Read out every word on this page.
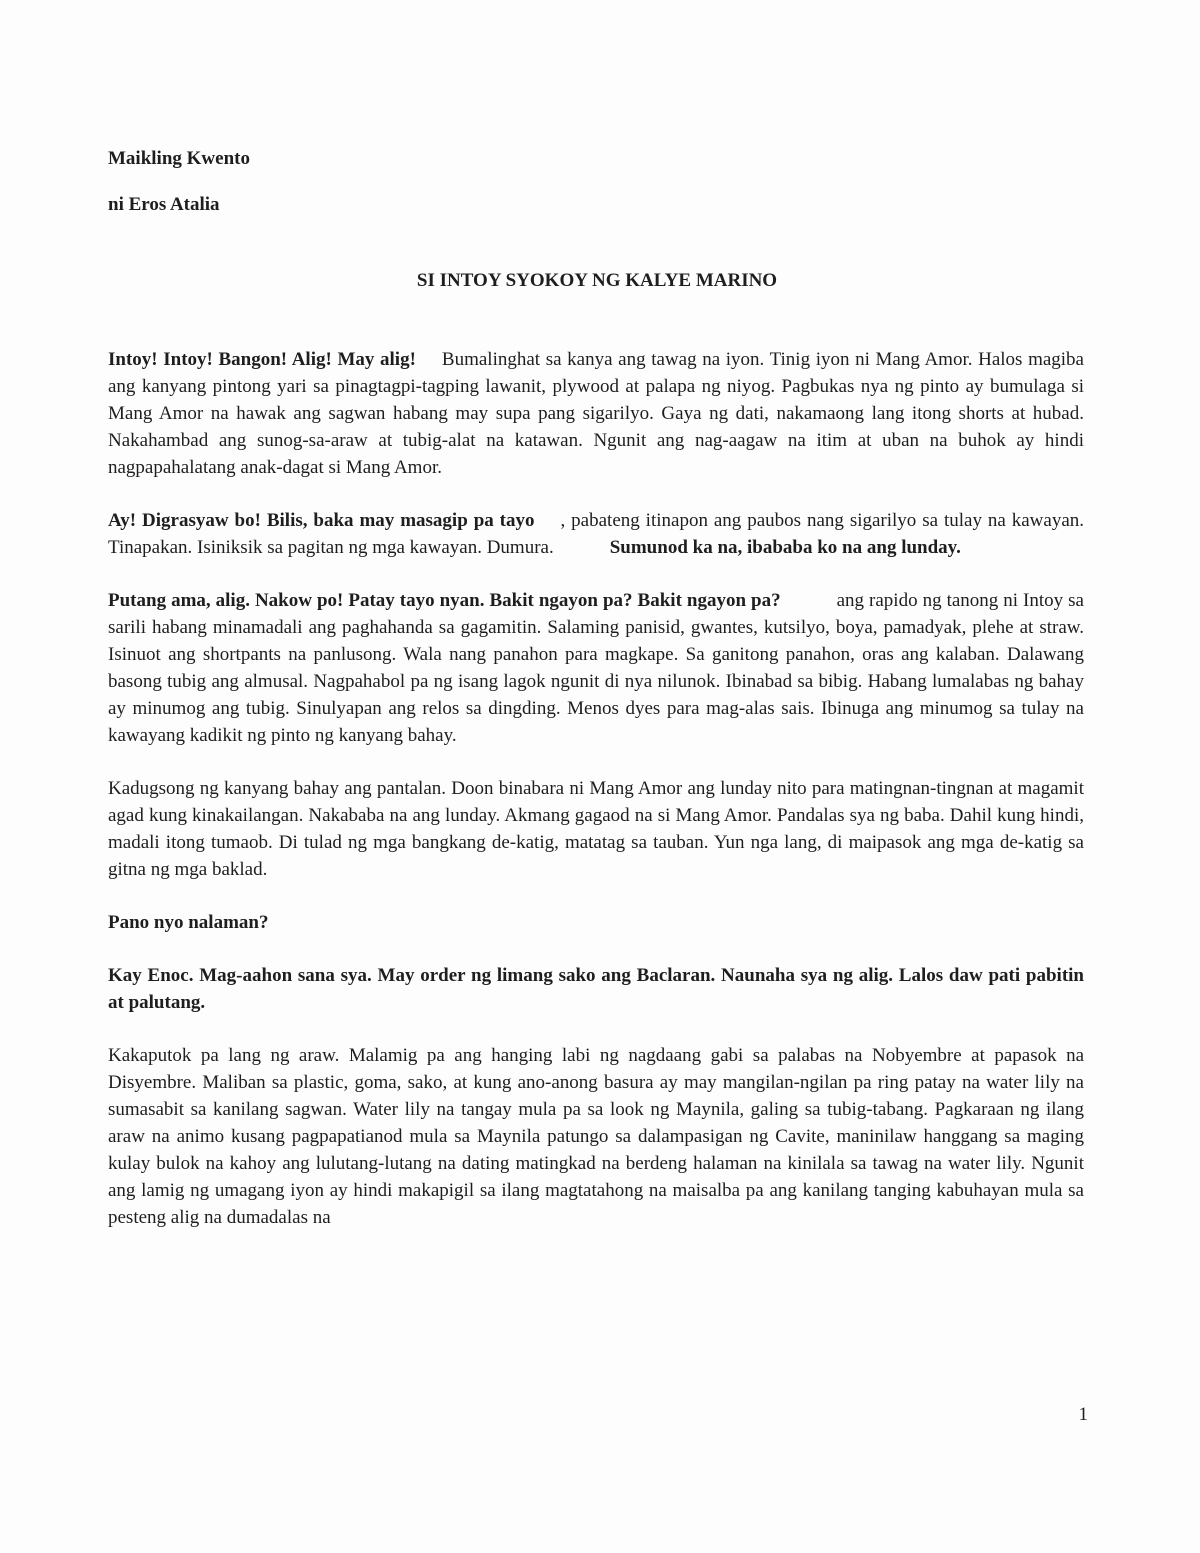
Maikling Kwento

ni Eros Atalia

SI INTOY SYOKOY NG KALYE MARINO

Intoy! Intoy! Bangon! Alig! May alig! Bumalinghat sa kanya ang tawag na iyon. Tinig iyon ni Mang Amor. Halos magiba ang kanyang pintong yari sa pinagtagpi-tagping lawanit, plywood at palapa ng niyog. Pagbukas nya ng pinto ay bumulaga si Mang Amor na hawak ang sagwan habang may supa pang sigarilyo. Gaya ng dati, nakamaong lang itong shorts at hubad. Nakahambad ang sunog-sa-araw at tubig-alat na katawan. Ngunit ang nag-aagaw na itim at uban na buhok ay hindi nagpapahalatang anak-dagat si Mang Amor.

Ay! Digrasyaw bo! Bilis, baka may masagip pa tayo , pabateng itinapon ang paubos nang sigarilyo sa tulay na kawayan. Tinapakan. Isiniksik sa pagitan ng mga kawayan. Dumura.	Sumunod ka na, ibababa ko na ang lunday.

Putang ama, alig. Nakow po! Patay tayo nyan. Bakit ngayon pa? Bakit ngayon pa?	ang rapido ng tanong ni Intoy sa sarili habang minamadali ang paghahanda sa gagamitin. Salaming panisid, gwantes, kutsilyo, boya, pamadyak, plehe at straw. Isinuot ang shortpants na panlusong. Wala nang panahon para magkape. Sa ganitong panahon, oras ang kalaban. Dalawang basong tubig ang almusal. Nagpahabol pa ng isang lagok ngunit di nya nilunok. Ibinabad sa bibig. Habang lumalabas ng bahay ay minumog ang tubig. Sinulyapan ang relos sa dingding. Menos dyes para mag-alas sais. Ibinuga ang minumog sa tulay na kawayang kadikit ng pinto ng kanyang bahay.

Kadugsong ng kanyang bahay ang pantalan. Doon binabara ni Mang Amor ang lunday nito para matingnan-tingnan at magamit agad kung kinakailangan. Nakababa na ang lunday. Akmang gagaod na si Mang Amor. Pandalas sya ng baba. Dahil kung hindi, madali itong tumaob. Di tulad ng mga bangkang de-katig, matatag sa tauban. Yun nga lang, di maipasok ang mga de-katig sa gitna ng mga baklad.

Pano nyo nalaman?

Kay Enoc. Mag-aahon sana sya. May order ng limang sako ang Baclaran. Naunaha sya ng alig. Lalos daw pati pabitin at palutang.

Kakaputok pa lang ng araw. Malamig pa ang hanging labi ng nagdaang gabi sa palabas na Nobyembre at papasok na Disyembre. Maliban sa plastic, goma, sako, at kung ano-anong basura ay may mangilan-ngilan pa ring patay na water lily na sumasabit sa kanilang sagwan. Water lily na tangay mula pa sa look ng Maynila, galing sa tubig-tabang. Pagkaraan ng ilang araw na animo kusang pagpapatianod mula sa Maynila patungo sa dalampasigan ng Cavite, maninilaw hanggang sa maging kulay bulok na kahoy ang lulutang-lutang na dating matingkad na berdeng halaman na kinilala sa tawag na water lily. Ngunit ang lamig ng umagang iyon ay hindi makapigil sa ilang magtatahong na maisalba pa ang kanilang tanging kabuhayan mula sa pesteng alig na dumadalas na

1
